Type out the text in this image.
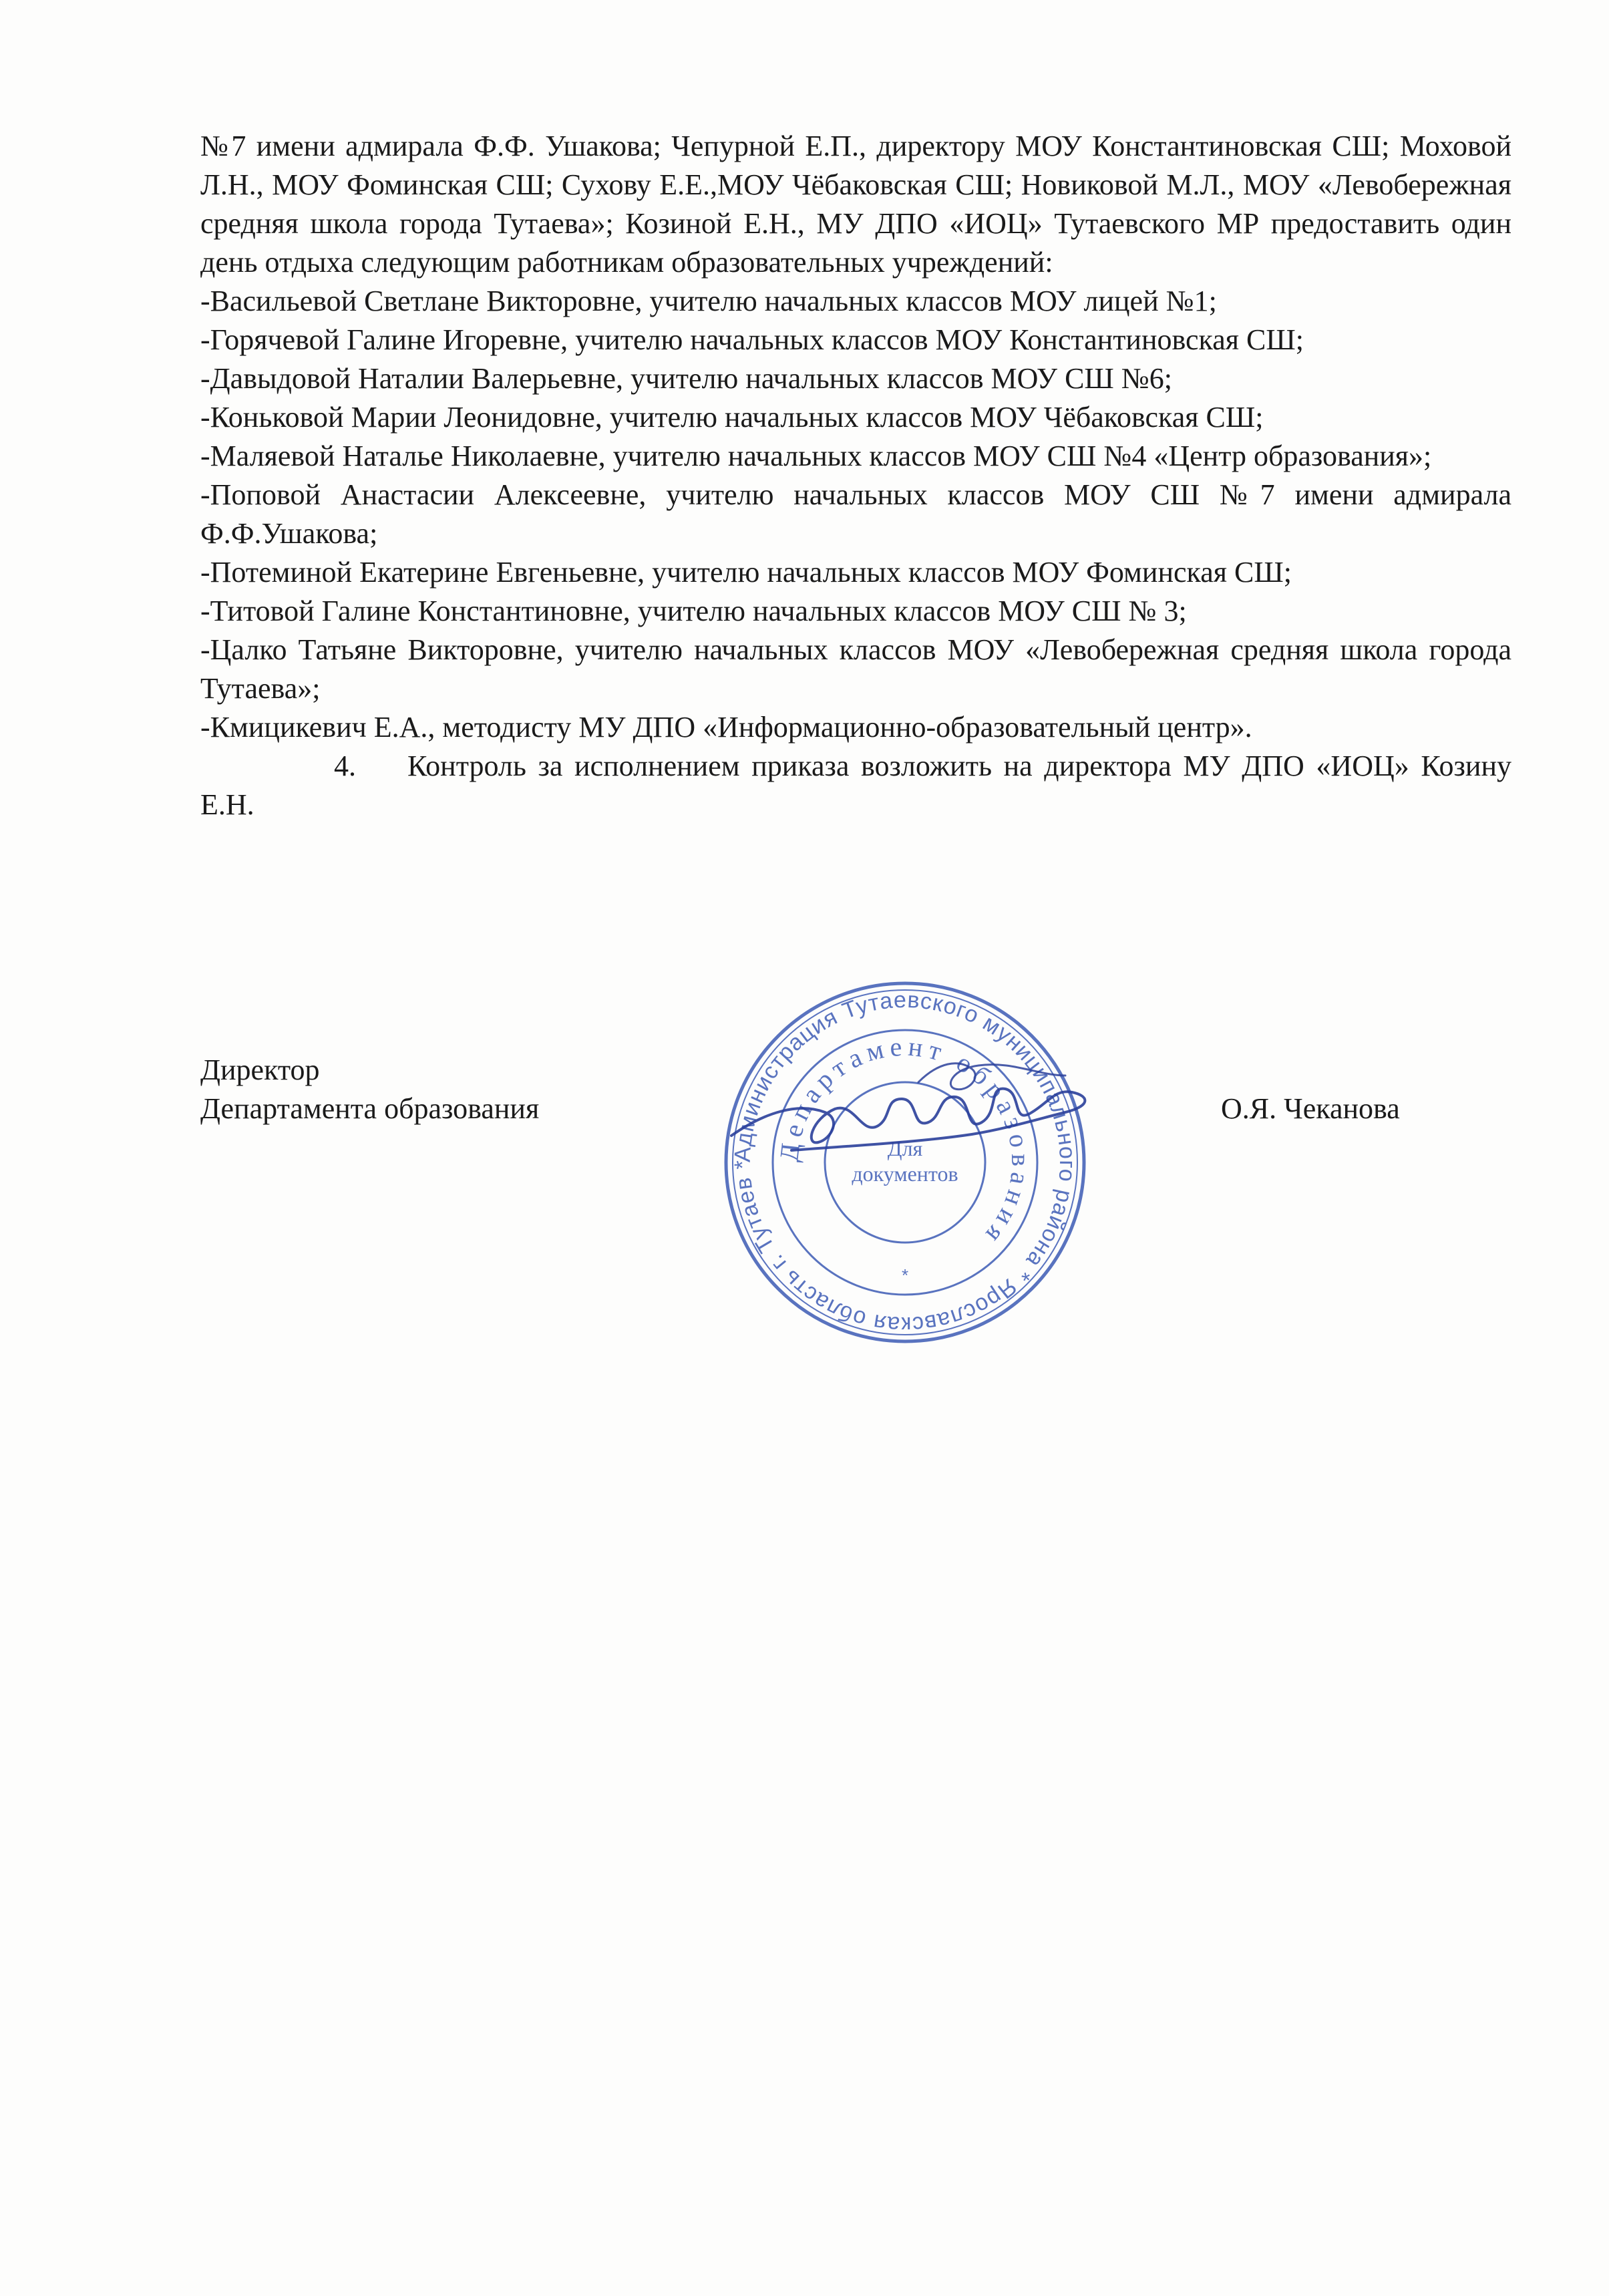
№7 имени адмирала Ф.Ф. Ушакова; Чепурной Е.П., директору МОУ Константиновская СШ; Моховой Л.Н., МОУ Фоминская СШ; Сухову Е.Е.,МОУ Чёбаковская СШ; Новиковой М.Л., МОУ «Левобережная средняя школа города Тутаева»; Козиной Е.Н., МУ ДПО «ИОЦ» Тутаевского МР предоставить один день отдыха следующим работникам образовательных учреждений:

-Васильевой Светлане Викторовне, учителю начальных классов МОУ лицей №1;

-Горячевой Галине Игоревне, учителю начальных классов МОУ Константиновская СШ;

-Давыдовой Наталии Валерьевне, учителю начальных классов МОУ СШ №6;

-Коньковой Марии Леонидовне, учителю начальных классов МОУ Чёбаковская СШ;

-Маляевой Наталье Николаевне, учителю начальных классов МОУ СШ №4 «Центр образования»;

-Поповой Анастасии Алексеевне, учителю начальных классов МОУ СШ №7 имени адмирала Ф.Ф.Ушакова;

-Потеминой Екатерине Евгеньевне, учителю начальных классов МОУ Фоминская СШ;

-Титовой Галине Константиновне, учителю начальных классов МОУ СШ № 3;

-Цалко Татьяне Викторовне, учителю начальных классов МОУ «Левобережная средняя школа города Тутаева»;

-Кмицикевич Е.А., методисту МУ ДПО «Информационно-образовательный центр».

4. Контроль за исполнением приказа возложить на директора МУ ДПО «ИОЦ» Козину Е.Н.

Директор
Департамента образования	О.Я. Чеканова
Администрация Тутаевского муниципального района * Ярославская область г. Тутаев *
Департамент образования
Для
документов
*
